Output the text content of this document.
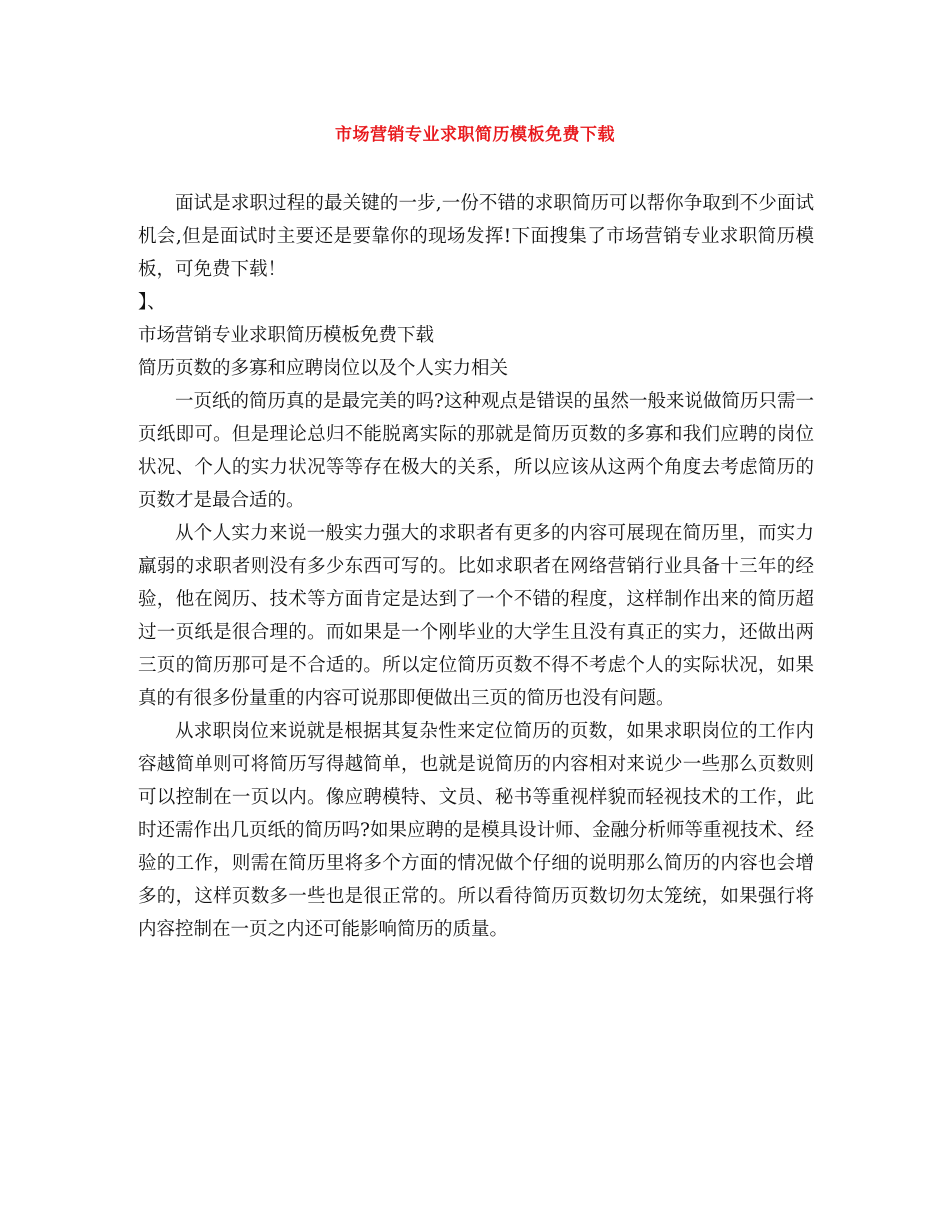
市场营销专业求职简历模板免费下载

面试是求职过程的最关键的一步,一份不错的求职简历可以帮你争取到不少面试机会,但是面试时主要还是要靠你的现场发挥!下面搜集了市场营销专业求职简历模板，可免费下载！

】、

市场营销专业求职简历模板免费下载
简历页数的多寡和应聘岗位以及个人实力相关

一页纸的简历真的是最完美的吗?这种观点是错误的虽然一般来说做简历只需一页纸即可。但是理论总归不能脱离实际的那就是简历页数的多寡和我们应聘的岗位状况、个人的实力状况等等存在极大的关系，所以应该从这两个角度去考虑简历的页数才是最合适的。

从个人实力来说一般实力强大的求职者有更多的内容可展现在简历里，而实力羸弱的求职者则没有多少东西可写的。比如求职者在网络营销行业具备十三年的经验，他在阅历、技术等方面肯定是达到了一个不错的程度，这样制作出来的简历超过一页纸是很合理的。而如果是一个刚毕业的大学生且没有真正的实力，还做出两三页的简历那可是不合适的。所以定位简历页数不得不考虑个人的实际状况，如果真的有很多份量重的内容可说那即便做出三页的简历也没有问题。

从求职岗位来说就是根据其复杂性来定位简历的页数，如果求职岗位的工作内容越简单则可将简历写得越简单，也就是说简历的内容相对来说少一些那么页数则可以控制在一页以内。像应聘模特、文员、秘书等重视样貌而轻视技术的工作，此时还需作出几页纸的简历吗?如果应聘的是模具设计师、金融分析师等重视技术、经验的工作，则需在简历里将多个方面的情况做个仔细的说明那么简历的内容也会增多的，这样页数多一些也是很正常的。所以看待简历页数切勿太笼统，如果强行将内容控制在一页之内还可能影响简历的质量。
